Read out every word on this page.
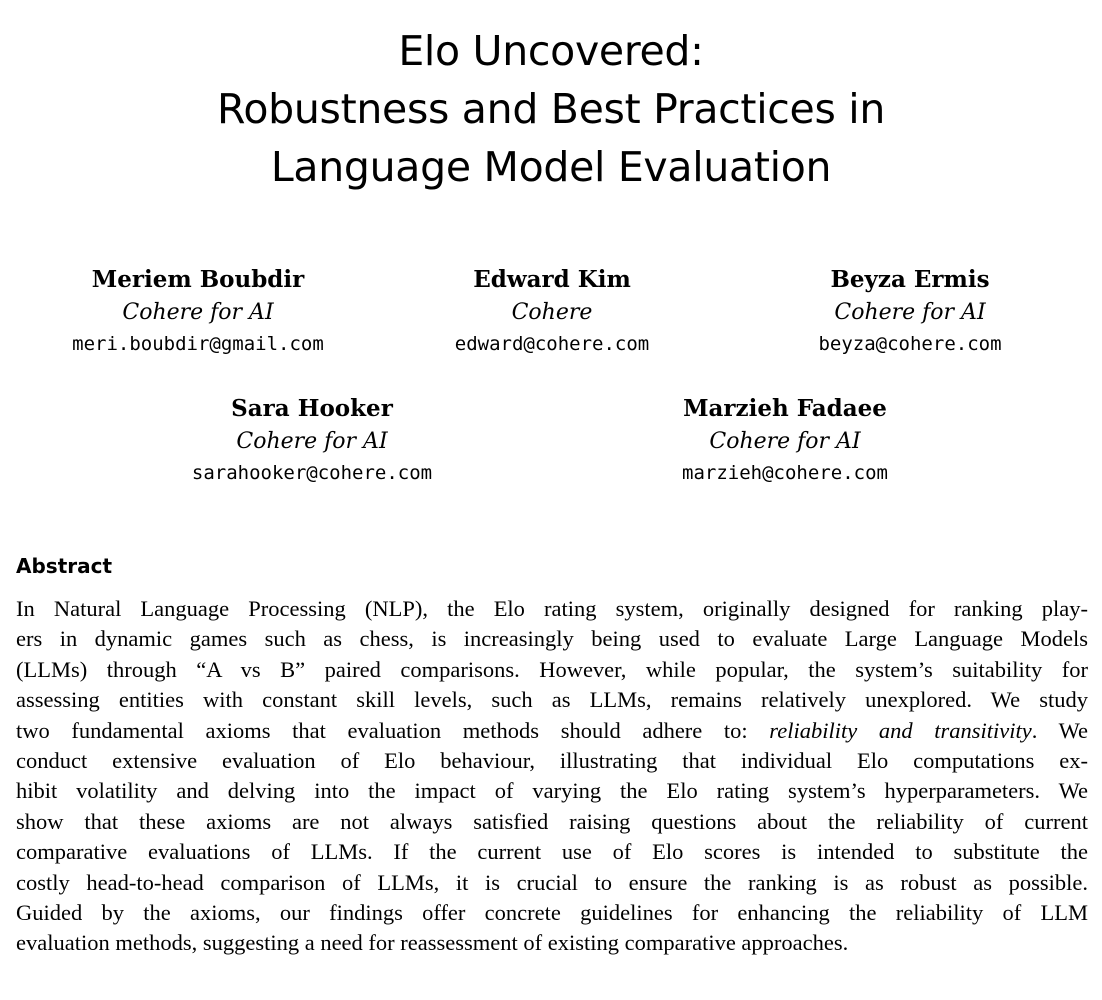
Elo Uncovered:
Robustness and Best Practices in
Language Model Evaluation
Meriem Boubdir
Cohere for AI
meri.boubdir@gmail.com
Edward Kim
Cohere
edward@cohere.com
Beyza Ermis
Cohere for AI
beyza@cohere.com
Sara Hooker
Cohere for AI
sarahooker@cohere.com
Marzieh Fadaee
Cohere for AI
marzieh@cohere.com
Abstract
In Natural Language Processing (NLP), the Elo rating system, originally designed for ranking play-
ers in dynamic games such as chess, is increasingly being used to evaluate Large Language Models
(LLMs) through “A vs B” paired comparisons. However, while popular, the system’s suitability for
assessing entities with constant skill levels, such as LLMs, remains relatively unexplored. We study
two fundamental axioms that evaluation methods should adhere to: reliability and transitivity. We
conduct extensive evaluation of Elo behaviour, illustrating that individual Elo computations ex-
hibit volatility and delving into the impact of varying the Elo rating system’s hyperparameters. We
show that these axioms are not always satisfied raising questions about the reliability of current
comparative evaluations of LLMs. If the current use of Elo scores is intended to substitute the
costly head-to-head comparison of LLMs, it is crucial to ensure the ranking is as robust as possible.
Guided by the axioms, our findings offer concrete guidelines for enhancing the reliability of LLM
evaluation methods, suggesting a need for reassessment of existing comparative approaches.
